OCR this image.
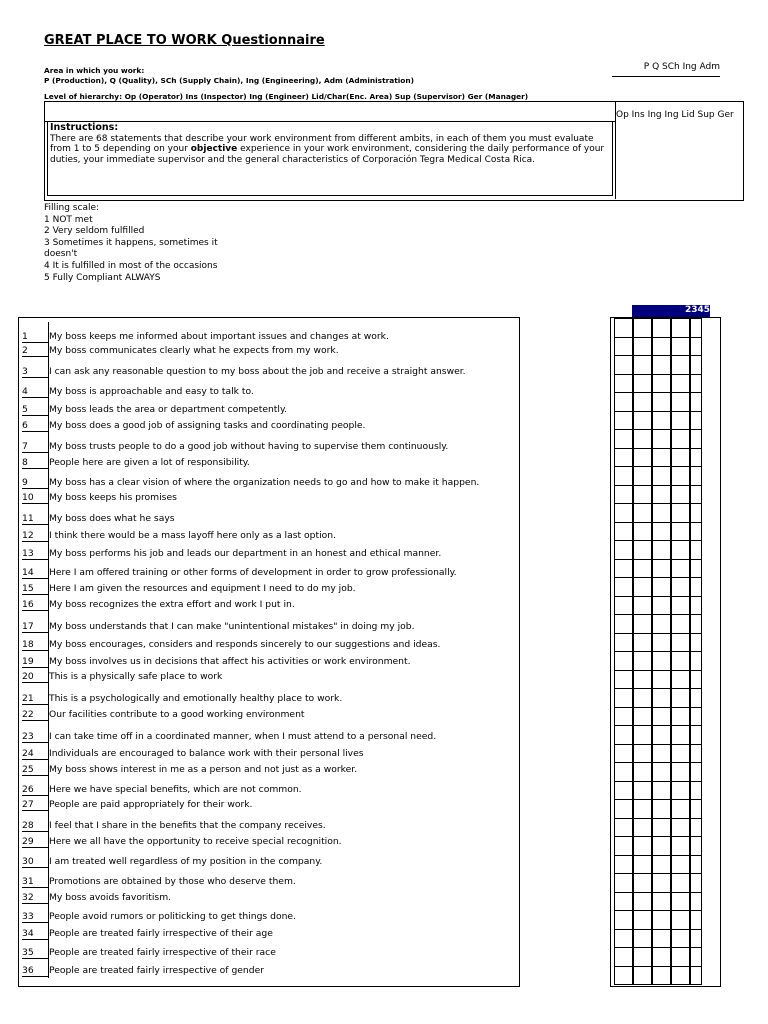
GREAT PLACE TO WORK Questionnaire
Area in which you work:
P (Production), Q (Quality), SCh (Supply Chain), Ing (Engineering), Adm (Administration)
P Q SCh Ing Adm
Level of hierarchy: Op (Operator) Ins (Inspector) Ing (Engineer) Lid/Char(Enc. Area) Sup (Supervisor) Ger (Manager)
Op Ins Ing Ing Lid Sup Ger
Instructions:
There are 68 statements that describe your work environment from different ambits, in each of them you must evaluate from 1 to 5 depending on your objective experience in your work environment, considering the daily performance of your duties, your immediate supervisor and the general characteristics of Corporación Tegra Medical Costa Rica.
Filling scale:
1 NOT met
2 Very seldom fulfilled
3 Sometimes it happens, sometimes it doesn't
4 It is fulfilled in most of the occasions
5 Fully Compliant ALWAYS
1	My boss keeps me informed about important issues and changes at work.
2	My boss communicates clearly what he expects from my work.
3	I can ask any reasonable question to my boss about the job and receive a straight answer.
4	My boss is approachable and easy to talk to.
5	My boss leads the area or department competently.
6	My boss does a good job of assigning tasks and coordinating people.
7	My boss trusts people to do a good job without having to supervise them continuously.
8	People here are given a lot of responsibility.
9	My boss has a clear vision of where the organization needs to go and how to make it happen.
10	My boss keeps his promises
11	My boss does what he says
12	I think there would be a mass layoff here only as a last option.
13	My boss performs his job and leads our department in an honest and ethical manner.
14	Here I am offered training or other forms of development in order to grow professionally.
15	Here I am given the resources and equipment I need to do my job.
16	My boss recognizes the extra effort and work I put in.
17	My boss understands that I can make "unintentional mistakes" in doing my job.
18	My boss encourages, considers and responds sincerely to our suggestions and ideas.
19	My boss involves us in decisions that affect his activities or work environment.
20	This is a physically safe place to work
21	This is a psychologically and emotionally healthy place to work.
22	Our facilities contribute to a good working environment
23	I can take time off in a coordinated manner, when I must attend to a personal need.
24	Individuals are encouraged to balance work with their personal lives
25	My boss shows interest in me as a person and not just as a worker.
26	Here we have special benefits, which are not common.
27	People are paid appropriately for their work.
28	I feel that I share in the benefits that the company receives.
29	Here we all have the opportunity to receive special recognition.
30	I am treated well regardless of my position in the company.
31	Promotions are obtained by those who deserve them.
32	My boss avoids favoritism.
33	People avoid rumors or politicking to get things done.
34	People are treated fairly irrespective of their age
35	People are treated fairly irrespective of their race
36	People are treated fairly irrespective of gender
2345
